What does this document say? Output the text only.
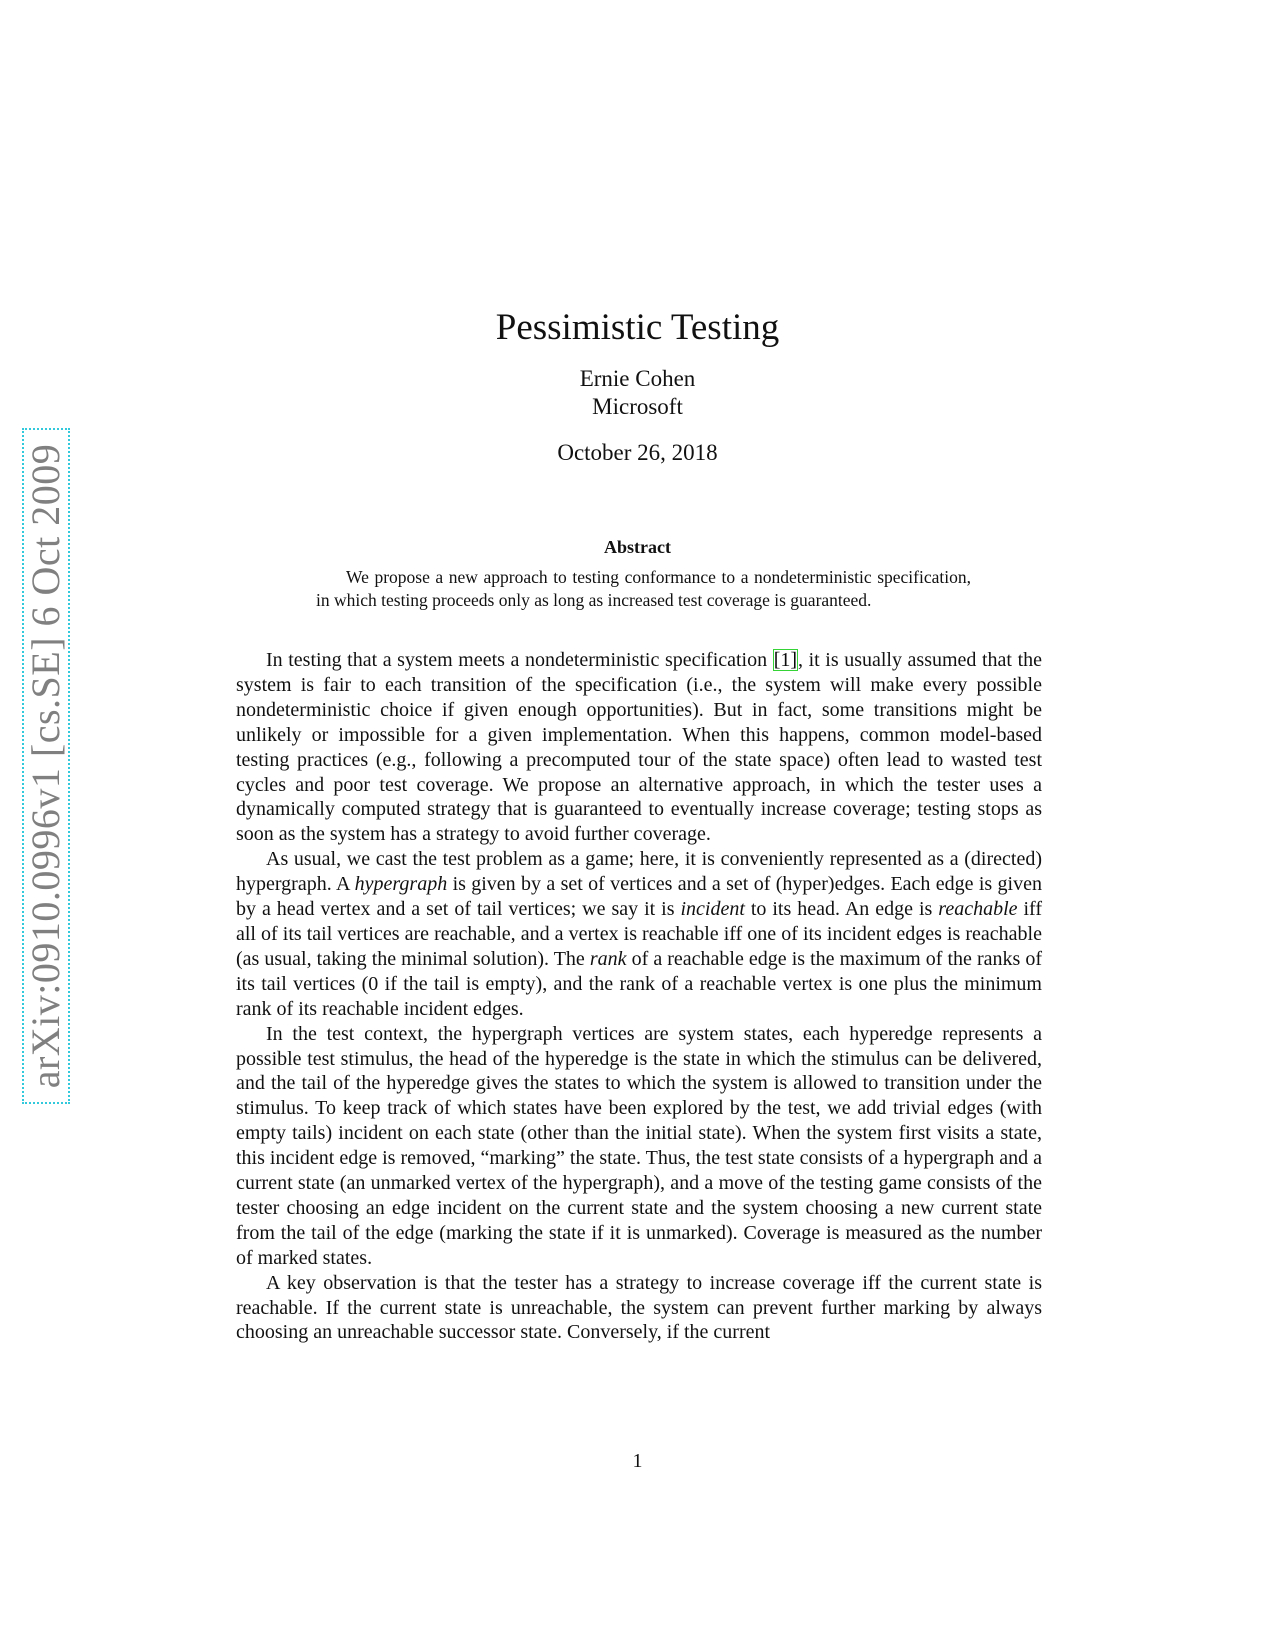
arXiv:0910.0996v1 [cs.SE] 6 Oct 2009
Pessimistic Testing
Ernie Cohen
Microsoft
October 26, 2018
Abstract
We propose a new approach to testing conformance to a nondeterministic specification, in which testing proceeds only as long as increased test coverage is guaranteed.

In testing that a system meets a nondeterministic specification [1], it is usually assumed that the system is fair to each transition of the specification (i.e., the system will make every possible nondeterministic choice if given enough opportunities). But in fact, some transitions might be unlikely or impossible for a given implementation. When this happens, common model-based testing practices (e.g., following a precomputed tour of the state space) often lead to wasted test cycles and poor test coverage. We propose an alternative approach, in which the tester uses a dynamically computed strategy that is guaranteed to eventually increase coverage; testing stops as soon as the system has a strategy to avoid further coverage.

As usual, we cast the test problem as a game; here, it is conveniently represented as a (directed) hypergraph. A hypergraph is given by a set of vertices and a set of (hyper)edges. Each edge is given by a head vertex and a set of tail vertices; we say it is incident to its head. An edge is reachable iff all of its tail vertices are reachable, and a vertex is reachable iff one of its incident edges is reachable (as usual, taking the minimal solution). The rank of a reachable edge is the maximum of the ranks of its tail vertices (0 if the tail is empty), and the rank of a reachable vertex is one plus the minimum rank of its reachable incident edges.

In the test context, the hypergraph vertices are system states, each hyperedge represents a possible test stimulus, the head of the hyperedge is the state in which the stimulus can be delivered, and the tail of the hyperedge gives the states to which the system is allowed to transition under the stimulus. To keep track of which states have been explored by the test, we add trivial edges (with empty tails) incident on each state (other than the initial state). When the system first visits a state, this incident edge is removed, “marking” the state. Thus, the test state consists of a hypergraph and a current state (an unmarked vertex of the hypergraph), and a move of the testing game consists of the tester choosing an edge incident on the current state and the system choosing a new current state from the tail of the edge (marking the state if it is unmarked). Coverage is measured as the number of marked states.

A key observation is that the tester has a strategy to increase coverage iff the current state is reachable. If the current state is unreachable, the system can prevent further marking by always choosing an unreachable successor state. Conversely, if the current

1
